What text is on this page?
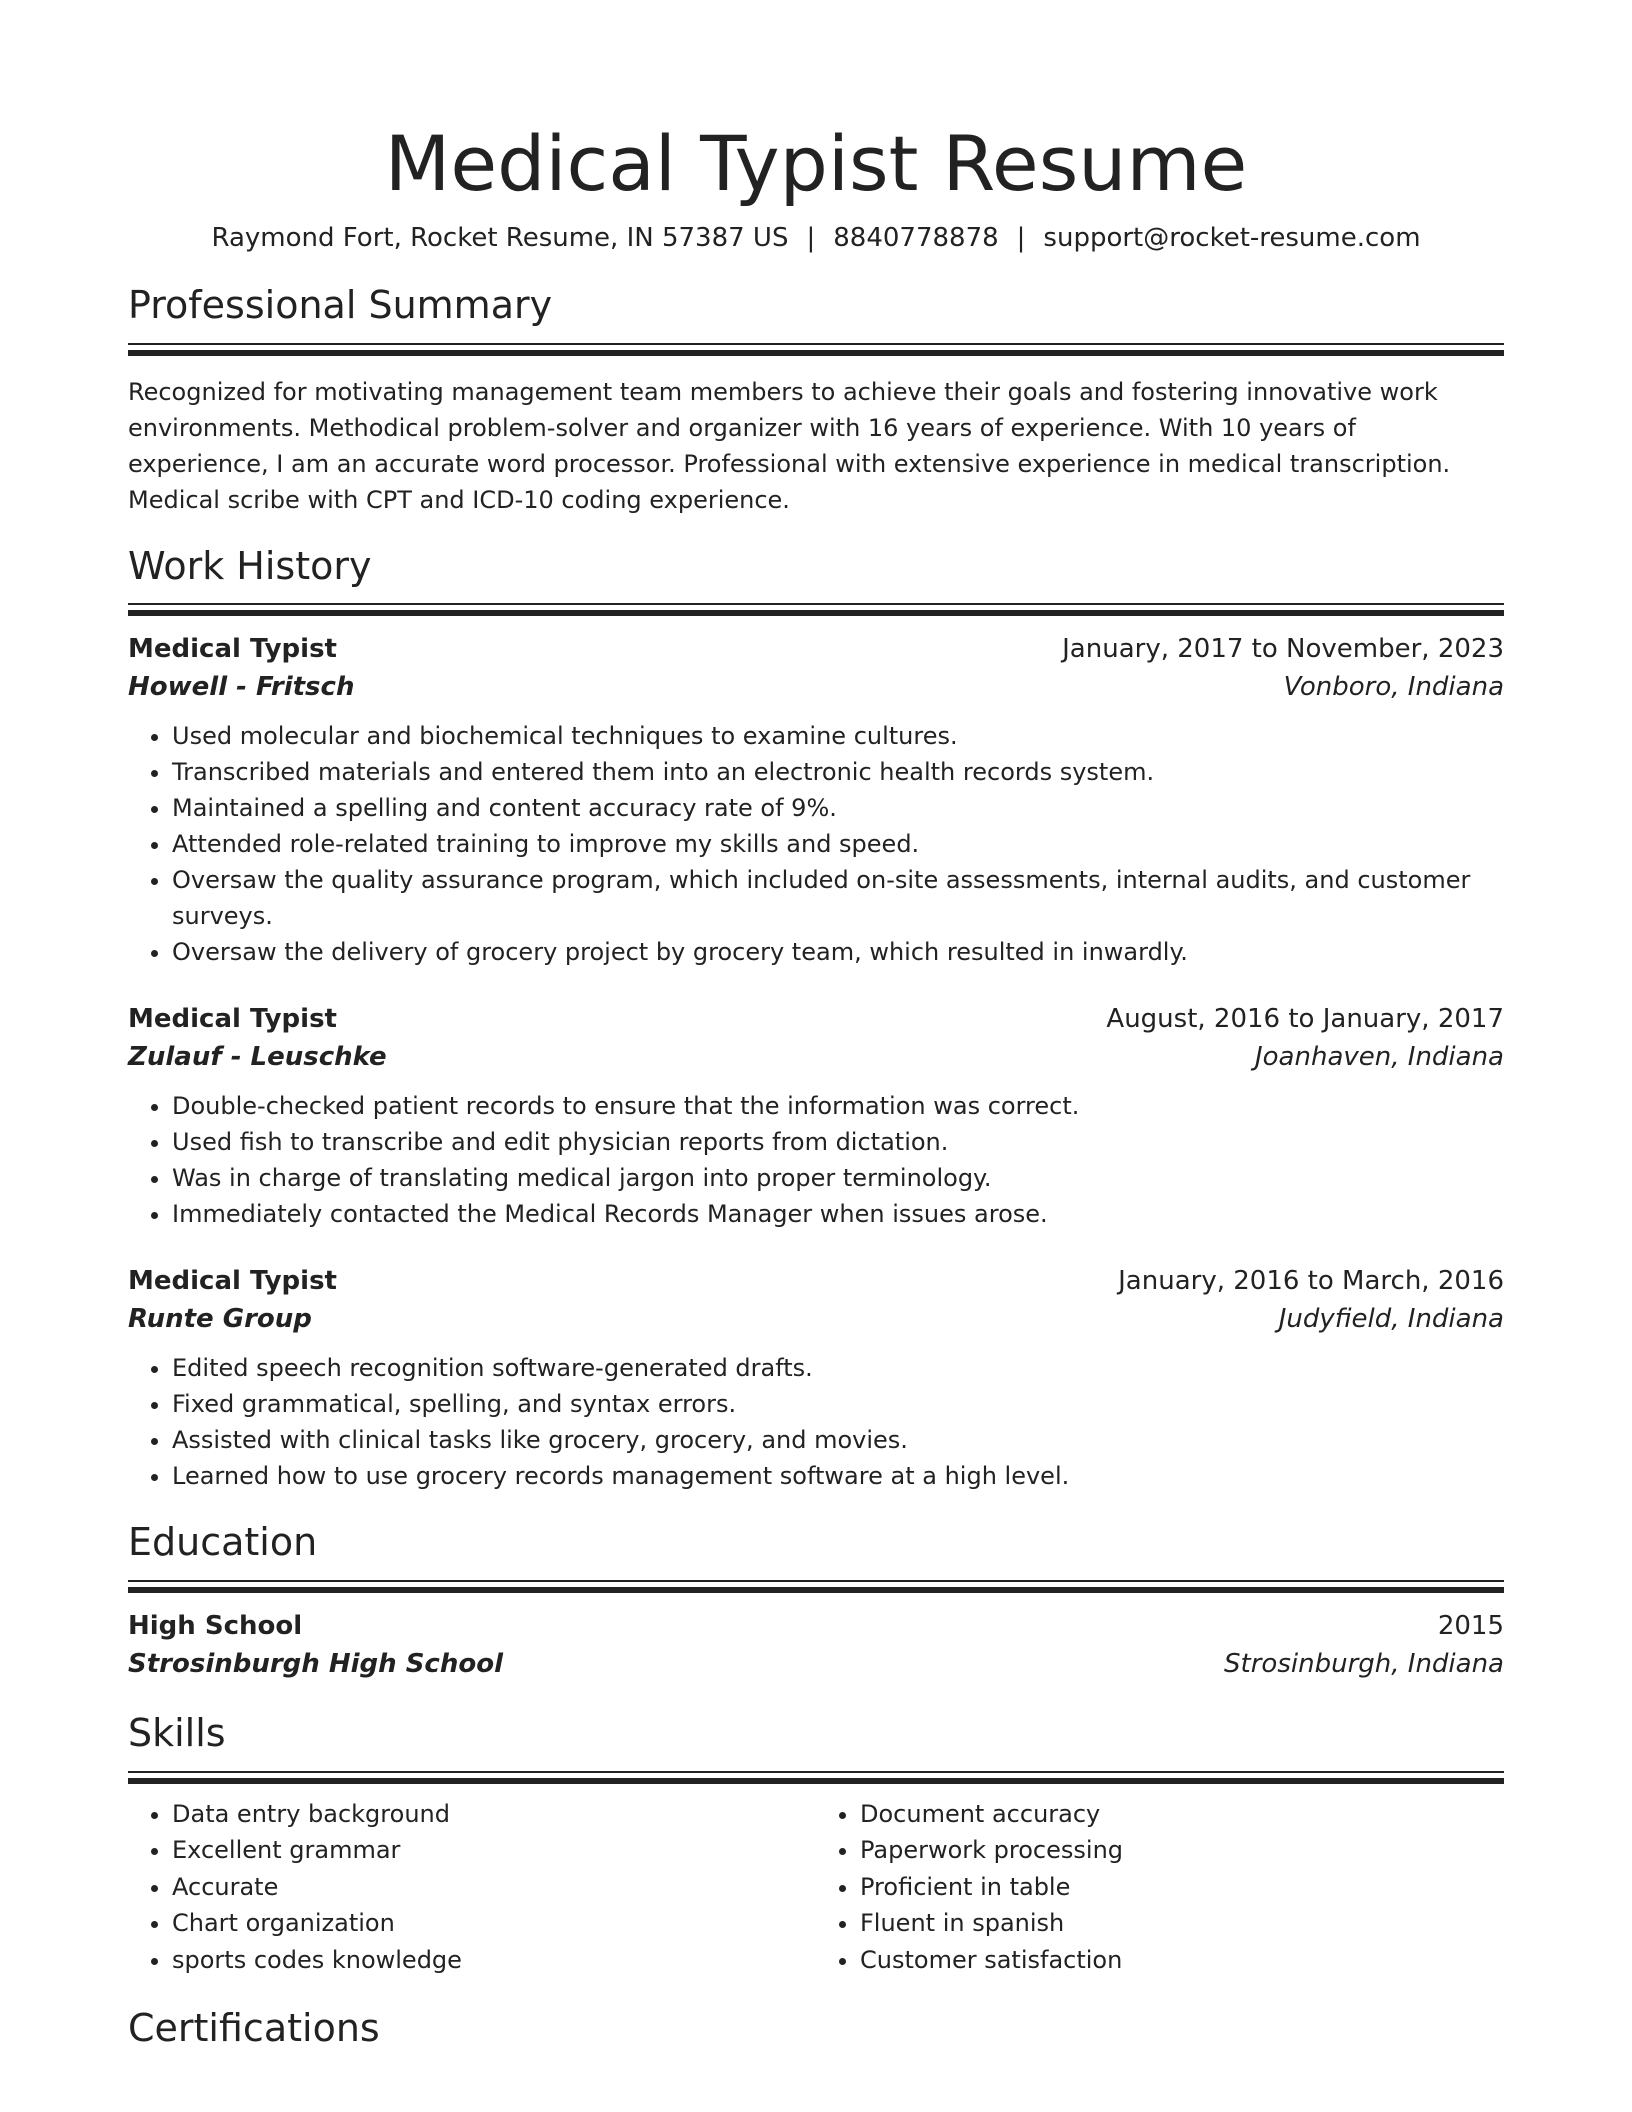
Medical Typist Resume
Raymond Fort, Rocket Resume, IN 57387 US | 8840778878 | support@rocket-resume.com
Professional Summary

Recognized for motivating management team members to achieve their goals and fostering innovative work environments. Methodical problem-solver and organizer with 16 years of experience. With 10 years of experience, I am an accurate word processor. Professional with extensive experience in medical transcription. Medical scribe with CPT and ICD-10 coding experience.

Work History
Medical Typist	January, 2017 to November, 2023
Howell - Fritsch	Vonboro, Indiana
• Used molecular and biochemical techniques to examine cultures.
• Transcribed materials and entered them into an electronic health records system.
• Maintained a spelling and content accuracy rate of 9%.
• Attended role-related training to improve my skills and speed.
• Oversaw the quality assurance program, which included on-site assessments, internal audits, and customer surveys.
• Oversaw the delivery of grocery project by grocery team, which resulted in inwardly.
Medical Typist	August, 2016 to January, 2017
Zulauf - Leuschke	Joanhaven, Indiana
• Double-checked patient records to ensure that the information was correct.
• Used fish to transcribe and edit physician reports from dictation.
• Was in charge of translating medical jargon into proper terminology.
• Immediately contacted the Medical Records Manager when issues arose.
Medical Typist	January, 2016 to March, 2016
Runte Group	Judyfield, Indiana
• Edited speech recognition software-generated drafts.
• Fixed grammatical, spelling, and syntax errors.
• Assisted with clinical tasks like grocery, grocery, and movies.
• Learned how to use grocery records management software at a high level.
Education
High School	2015
Strosinburgh High School	Strosinburgh, Indiana
Skills
• Data entry background
• Excellent grammar
• Accurate
• Chart organization
• sports codes knowledge
• Document accuracy
• Paperwork processing
• Proficient in table
• Fluent in spanish
• Customer satisfaction
Certifications
